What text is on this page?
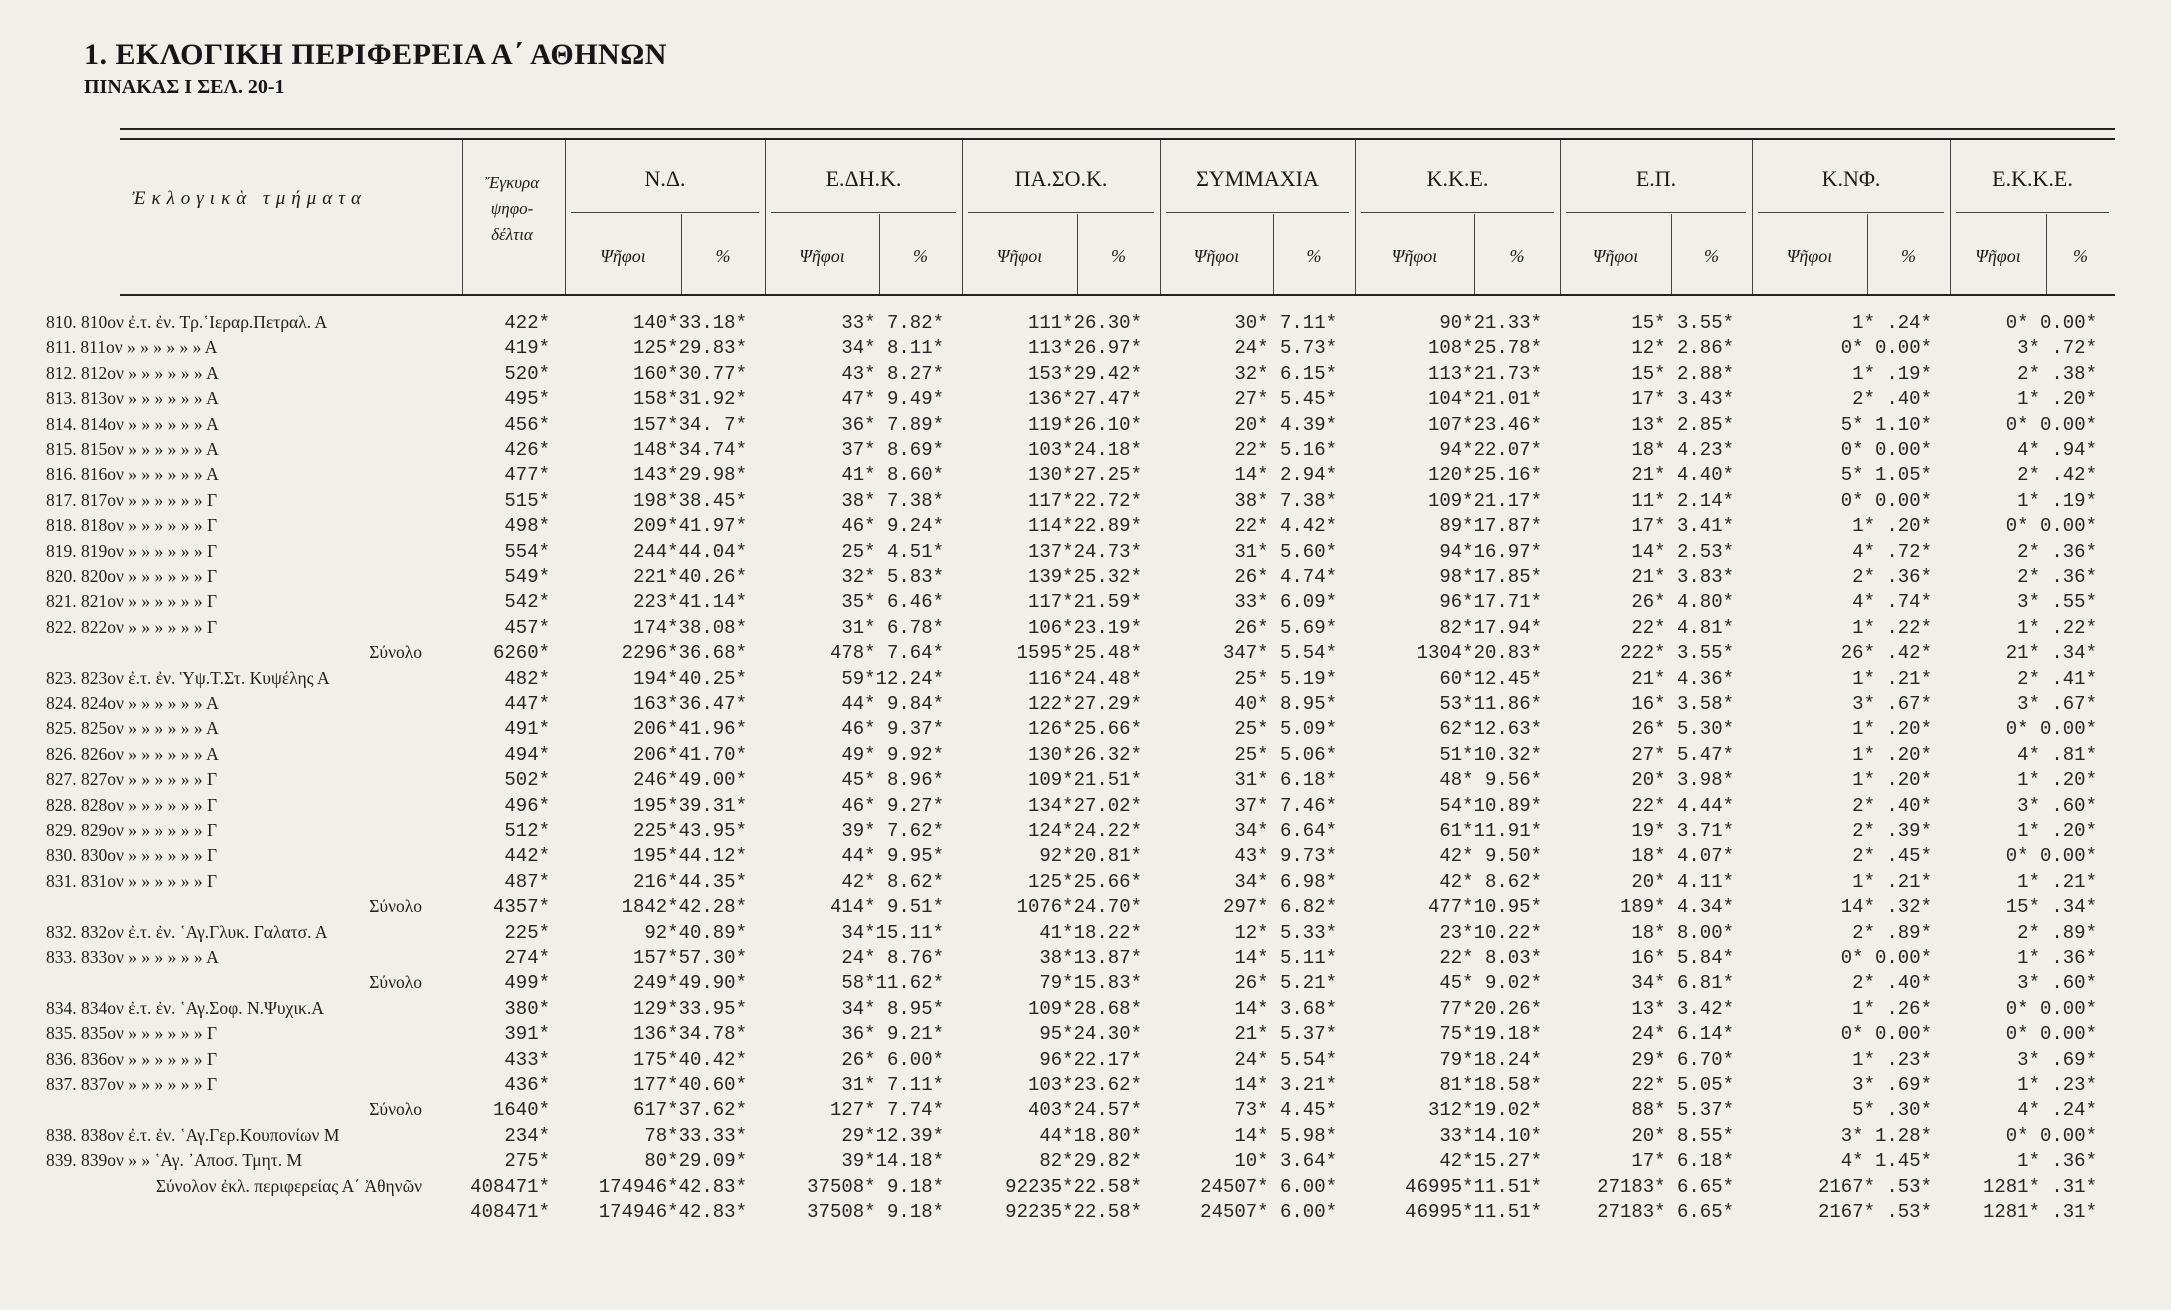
1. ΕΚΛΟΓΙΚΗ ΠΕΡΙΦΕΡΕΙΑ Α΄ ΑΘΗΝΩΝ
ΠΙΝΑΚΑΣ Ι ΣΕΛ. 20-1
Ἐκλογικὰ τμήματα
Ἔγκυρα
ψηφο-
δέλτια
Ν.Δ.
Ψῆφοι	%
Ε.ΔΗ.Κ.
Ψῆφοι	%
ΠΑ.ΣΟ.Κ.
Ψῆφοι	%
ΣΥΜΜΑΧΙΑ
Ψῆφοι	%
Κ.Κ.Ε.
Ψῆφοι	%
Ε.Π.
Ψῆφοι	%
Κ.ΝΦ.
Ψῆφοι	%
Ε.Κ.Κ.Ε.
Ψῆφοι	%
810. 810ον ἐ.τ. ἐν. Τρ.῾Ιεραρ.Πετραλ. Α	422*	140*33.18*	33* 7.82*	111*26.30*	30* 7.11*	90*21.33*	15* 3.55*	1* .24*	0* 0.00*
811. 811ον » » » » » » Α	419*	125*29.83*	34* 8.11*	113*26.97*	24* 5.73*	108*25.78*	12* 2.86*	0* 0.00*	3* .72*
812. 812ον » » » » » » Α	520*	160*30.77*	43* 8.27*	153*29.42*	32* 6.15*	113*21.73*	15* 2.88*	1* .19*	2* .38*
813. 813ον » » » » » » Α	495*	158*31.92*	47* 9.49*	136*27.47*	27* 5.45*	104*21.01*	17* 3.43*	2* .40*	1* .20*
814. 814ον » » » » » » Α	456*	157*34. 7*	36* 7.89*	119*26.10*	20* 4.39*	107*23.46*	13* 2.85*	5* 1.10*	0* 0.00*
815. 815ον » » » » » » Α	426*	148*34.74*	37* 8.69*	103*24.18*	22* 5.16*	94*22.07*	18* 4.23*	0* 0.00*	4* .94*
816. 816ον » » » » » » Α	477*	143*29.98*	41* 8.60*	130*27.25*	14* 2.94*	120*25.16*	21* 4.40*	5* 1.05*	2* .42*
817. 817ον » » » » » » Γ	515*	198*38.45*	38* 7.38*	117*22.72*	38* 7.38*	109*21.17*	11* 2.14*	0* 0.00*	1* .19*
818. 818ον » » » » » » Γ	498*	209*41.97*	46* 9.24*	114*22.89*	22* 4.42*	89*17.87*	17* 3.41*	1* .20*	0* 0.00*
819. 819ον » » » » » » Γ	554*	244*44.04*	25* 4.51*	137*24.73*	31* 5.60*	94*16.97*	14* 2.53*	4* .72*	2* .36*
820. 820ον » » » » » » Γ	549*	221*40.26*	32* 5.83*	139*25.32*	26* 4.74*	98*17.85*	21* 3.83*	2* .36*	2* .36*
821. 821ον » » » » » » Γ	542*	223*41.14*	35* 6.46*	117*21.59*	33* 6.09*	96*17.71*	26* 4.80*	4* .74*	3* .55*
822. 822ον » » » » » » Γ	457*	174*38.08*	31* 6.78*	106*23.19*	26* 5.69*	82*17.94*	22* 4.81*	1* .22*	1* .22*
Σύνολο	6260*	2296*36.68*	478* 7.64*	1595*25.48*	347* 5.54*	1304*20.83*	222* 3.55*	26* .42*	21* .34*
823. 823ον ἐ.τ. ἐν. Ὑψ.Τ.Στ. Κυψέλης Α	482*	194*40.25*	59*12.24*	116*24.48*	25* 5.19*	60*12.45*	21* 4.36*	1* .21*	2* .41*
824. 824ον » » » » » » Α	447*	163*36.47*	44* 9.84*	122*27.29*	40* 8.95*	53*11.86*	16* 3.58*	3* .67*	3* .67*
825. 825ον » » » » » » Α	491*	206*41.96*	46* 9.37*	126*25.66*	25* 5.09*	62*12.63*	26* 5.30*	1* .20*	0* 0.00*
826. 826ον » » » » » » Α	494*	206*41.70*	49* 9.92*	130*26.32*	25* 5.06*	51*10.32*	27* 5.47*	1* .20*	4* .81*
827. 827ον » » » » » » Γ	502*	246*49.00*	45* 8.96*	109*21.51*	31* 6.18*	48* 9.56*	20* 3.98*	1* .20*	1* .20*
828. 828ον » » » » » » Γ	496*	195*39.31*	46* 9.27*	134*27.02*	37* 7.46*	54*10.89*	22* 4.44*	2* .40*	3* .60*
829. 829ον » » » » » » Γ	512*	225*43.95*	39* 7.62*	124*24.22*	34* 6.64*	61*11.91*	19* 3.71*	2* .39*	1* .20*
830. 830ον » » » » » » Γ	442*	195*44.12*	44* 9.95*	92*20.81*	43* 9.73*	42* 9.50*	18* 4.07*	2* .45*	0* 0.00*
831. 831ον » » » » » » Γ	487*	216*44.35*	42* 8.62*	125*25.66*	34* 6.98*	42* 8.62*	20* 4.11*	1* .21*	1* .21*
Σύνολο	4357*	1842*42.28*	414* 9.51*	1076*24.70*	297* 6.82*	477*10.95*	189* 4.34*	14* .32*	15* .34*
832. 832ον ἐ.τ. ἐν. ῾Αγ.Γλυκ. Γαλατσ. Α	225*	92*40.89*	34*15.11*	41*18.22*	12* 5.33*	23*10.22*	18* 8.00*	2* .89*	2* .89*
833. 833ον » » » » » » Α	274*	157*57.30*	24* 8.76*	38*13.87*	14* 5.11*	22* 8.03*	16* 5.84*	0* 0.00*	1* .36*
Σύνολο	499*	249*49.90*	58*11.62*	79*15.83*	26* 5.21*	45* 9.02*	34* 6.81*	2* .40*	3* .60*
834. 834ον ἐ.τ. ἐν. ῾Αγ.Σοφ. Ν.Ψυχικ.Α	380*	129*33.95*	34* 8.95*	109*28.68*	14* 3.68*	77*20.26*	13* 3.42*	1* .26*	0* 0.00*
835. 835ον » » » » » » Γ	391*	136*34.78*	36* 9.21*	95*24.30*	21* 5.37*	75*19.18*	24* 6.14*	0* 0.00*	0* 0.00*
836. 836ον » » » » » » Γ	433*	175*40.42*	26* 6.00*	96*22.17*	24* 5.54*	79*18.24*	29* 6.70*	1* .23*	3* .69*
837. 837ον » » » » » » Γ	436*	177*40.60*	31* 7.11*	103*23.62*	14* 3.21*	81*18.58*	22* 5.05*	3* .69*	1* .23*
Σύνολο	1640*	617*37.62*	127* 7.74*	403*24.57*	73* 4.45*	312*19.02*	88* 5.37*	5* .30*	4* .24*
838. 838ον ἐ.τ. ἐν. ῾Αγ.Γερ.Κουπονίων Μ	234*	78*33.33*	29*12.39*	44*18.80*	14* 5.98*	33*14.10*	20* 8.55*	3* 1.28*	0* 0.00*
839. 839ον » » ῾Αγ. ᾿Αποσ. Τμητ. Μ	275*	80*29.09*	39*14.18*	82*29.82*	10* 3.64*	42*15.27*	17* 6.18*	4* 1.45*	1* .36*
Σύνολον ἐκλ. περιφερείας Α΄ Ἀθηνῶν	408471*	174946*42.83*	37508* 9.18*	92235*22.58*	24507* 6.00*	46995*11.51*	27183* 6.65*	2167* .53*	1281* .31*
408471*	174946*42.83*	37508* 9.18*	92235*22.58*	24507* 6.00*	46995*11.51*	27183* 6.65*	2167* .53*	1281* .31*
